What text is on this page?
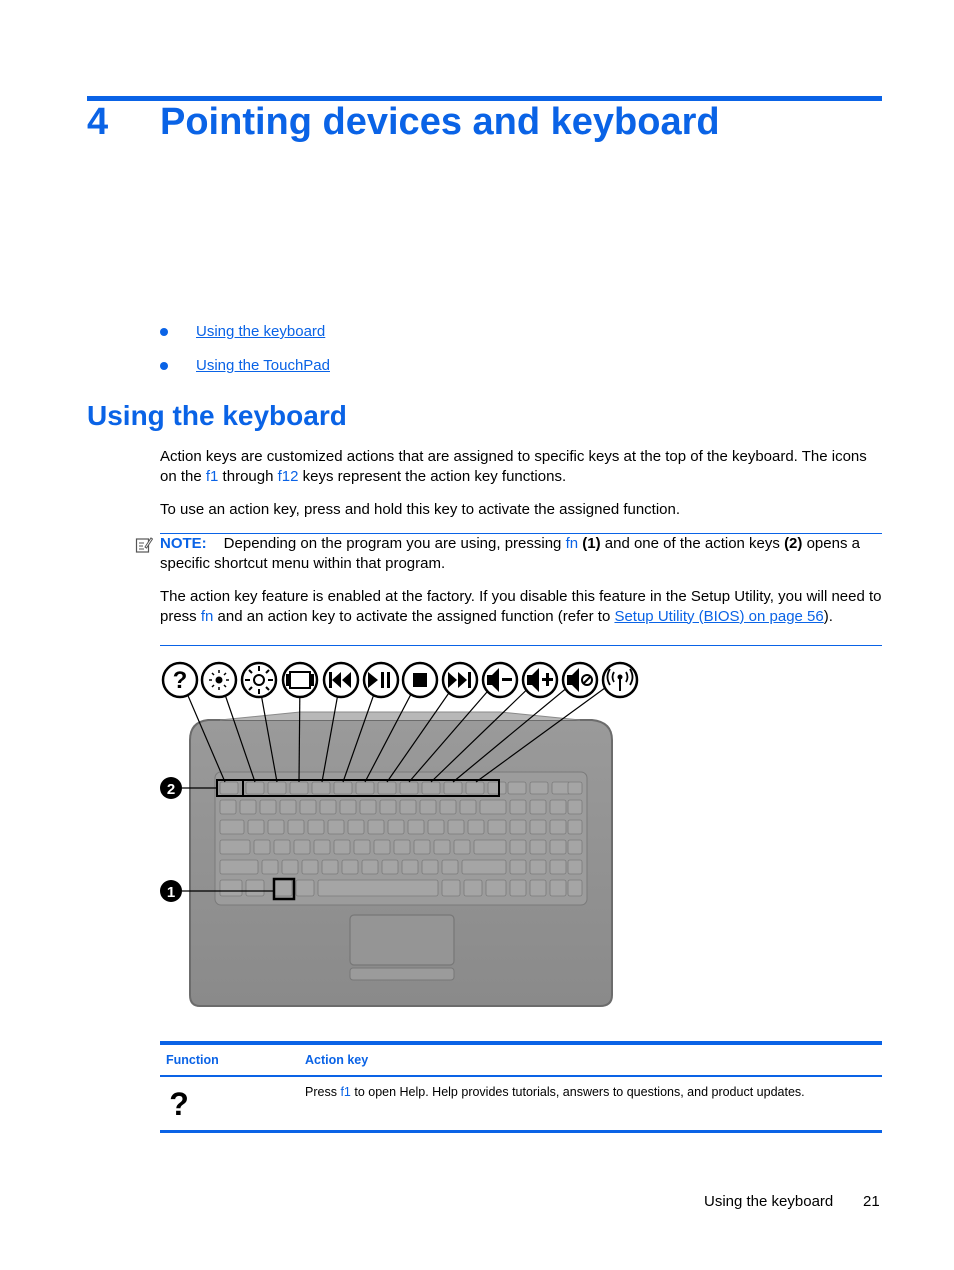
4 Pointing devices and keyboard
Using the keyboard
Using the TouchPad
Using the keyboard
Action keys are customized actions that are assigned to specific keys at the top of the keyboard. The icons on the f1 through f12 keys represent the action key functions.
To use an action key, press and hold this key to activate the assigned function.
NOTE: Depending on the program you are using, pressing fn (1) and one of the action keys (2) opens a specific shortcut menu within that program.
The action key feature is enabled at the factory. If you disable this feature in the Setup Utility, you will need to press fn and an action key to activate the assigned function (refer to Setup Utility (BIOS) on page 56).
?
2
1
Function	Action key
?	Press f1 to open Help. Help provides tutorials, answers to questions, and product updates.
Using the keyboard 21
